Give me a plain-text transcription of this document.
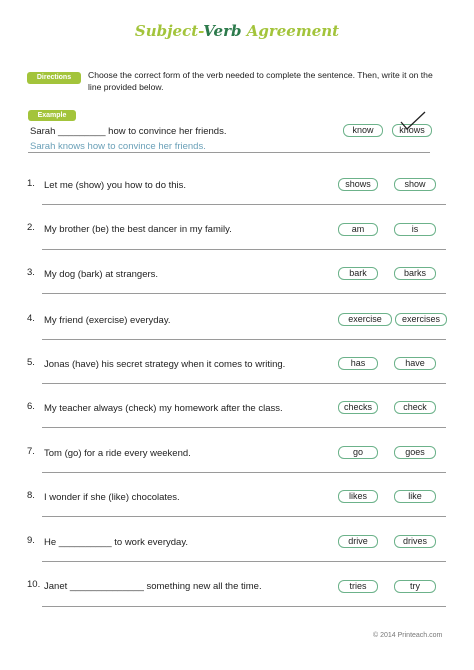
Subject-Verb Agreement
Directions	Choose the correct form of the verb needed to complete the sentence. Then, write it on the line provided below.
Example
Sarah _________ how to convince her friends.	know	knows
Sarah knows how to convince her friends.
1. Let me (show) you how to do this.	shows	show
2. My brother (be) the best dancer in my family.	am	is
3. My dog (bark) at strangers.	bark	barks
4. My friend (exercise) everyday.	exercise	exercises
5. Jonas (have) his secret strategy when it comes to writing.	has	have
6. My teacher always (check) my homework after the class.	checks	check
7. Tom (go) for a ride every weekend.	go	goes
8. I wonder if she (like) chocolates.	likes	like
9. He __________ to work everyday.	drive	drives
10. Janet ______________ something new all the time.	tries	try
© 2014 Printeach.com
